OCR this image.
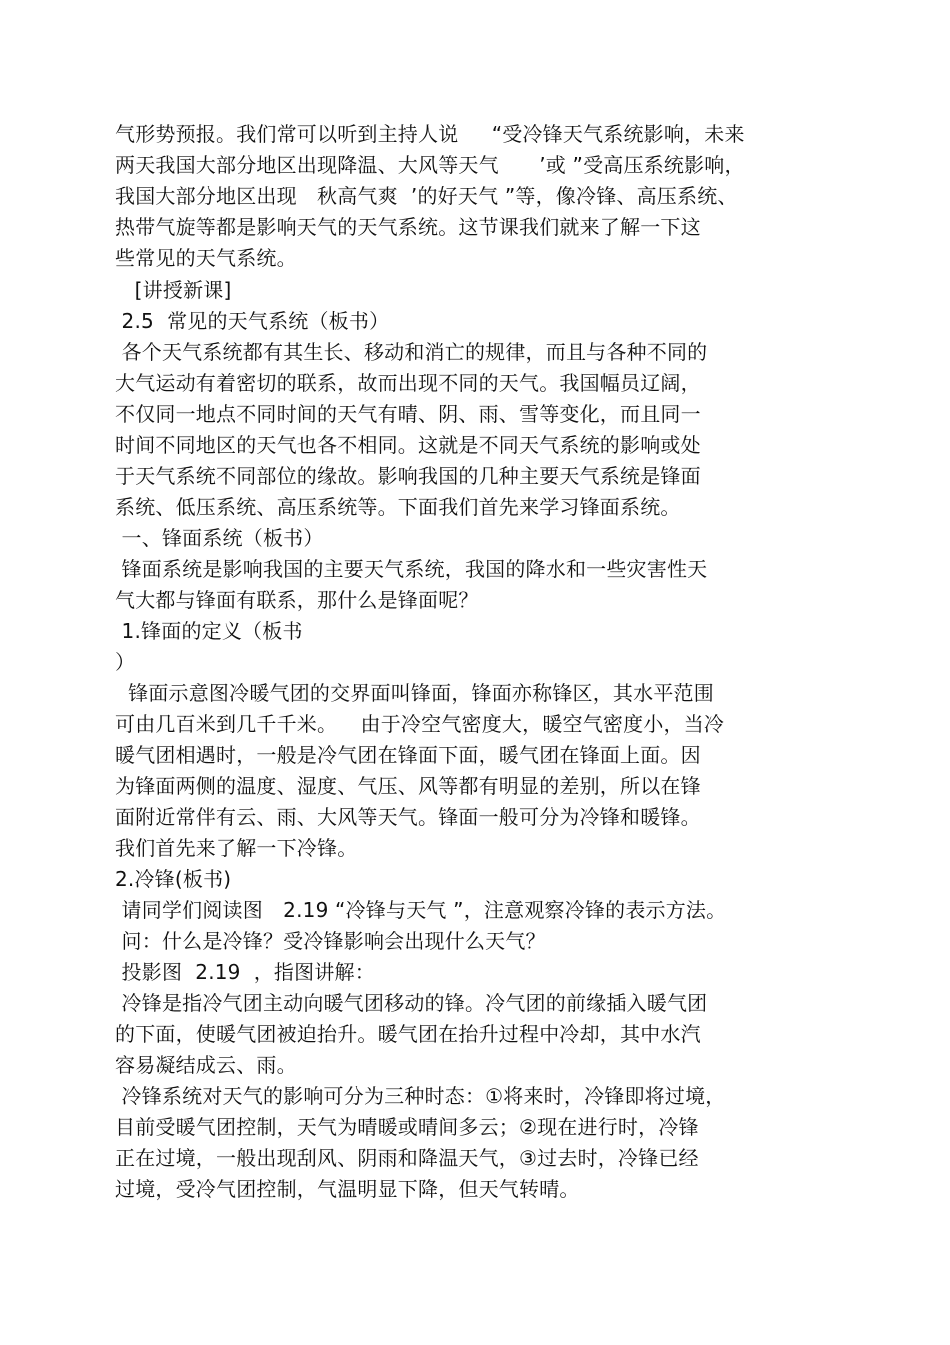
气形势预报。我们常可以听到主持人说　  “受冷锋天气系统影响，未来
两天我国大部分地区出现降温、大风等天气　　’或 ”受高压系统影响，
我国大部分地区出现　秋高气爽  ’的好天气 ”等，像冷锋、高压系统、
热带气旋等都是影响天气的天气系统。这节课我们就来了解一下这
些常见的天气系统。
[讲授新课]
2.5  常见的天气系统（板书）
各个天气系统都有其生长、移动和消亡的规律，而且与各种不同的
大气运动有着密切的联系，故而出现不同的天气。我国幅员辽阔，
不仅同一地点不同时间的天气有晴、阴、雨、雪等变化，而且同一
时间不同地区的天气也各不相同。这就是不同天气系统的影响或处
于天气系统不同部位的缘故。影响我国的几种主要天气系统是锋面
系统、低压系统、高压系统等。下面我们首先来学习锋面系统。
一、锋面系统（板书）
锋面系统是影响我国的主要天气系统，我国的降水和一些灾害性天
气大都与锋面有联系，那什么是锋面呢？
1.锋面的定义（板书
）
锋面示意图冷暖气团的交界面叫锋面，锋面亦称锋区，其水平范围
可由几百米到几千千米。　  由于冷空气密度大，暖空气密度小，当冷
暖气团相遇时，一般是冷气团在锋面下面，暖气团在锋面上面。因
为锋面两侧的温度、湿度、气压、风等都有明显的差别，所以在锋
面附近常伴有云、雨、大风等天气。锋面一般可分为冷锋和暖锋。
我们首先来了解一下冷锋。
2.冷锋(板书)
请同学们阅读图　2.19 “冷锋与天气 ”，注意观察冷锋的表示方法。
问：什么是冷锋？受冷锋影响会出现什么天气？
投影图  2.19  ，指图讲解：
冷锋是指冷气团主动向暖气团移动的锋。冷气团的前缘插入暖气团
的下面，使暖气团被迫抬升。暖气团在抬升过程中冷却，其中水汽
容易凝结成云、雨。
冷锋系统对天气的影响可分为三种时态：①将来时，冷锋即将过境，
目前受暖气团控制，天气为晴暖或晴间多云；②现在进行时，冷锋
正在过境，一般出现刮风、阴雨和降温天气，③过去时，冷锋已经
过境，受冷气团控制，气温明显下降，但天气转晴。
